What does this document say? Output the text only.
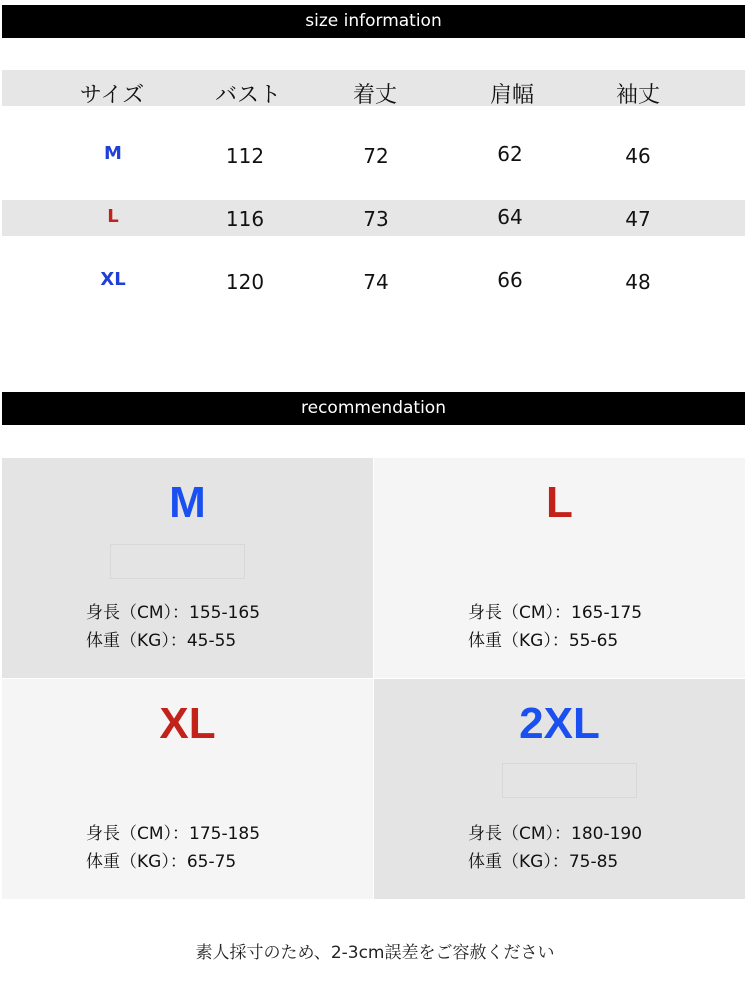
size information
サイズ	バスト	着丈	肩幅	袖丈
M	112	72	62	46
L	116	73	64	47
XL	120	74	66	48
recommendation
M
身長（CM）：155-165
体重（KG）：45-55
L
身長（CM）：165-175
体重（KG）：55-65
XL
身長（CM）：175-185
体重（KG）：65-75
2XL
身長（CM）：180-190
体重（KG）：75-85
素人採寸のため、2-3cm誤差をご容赦ください
